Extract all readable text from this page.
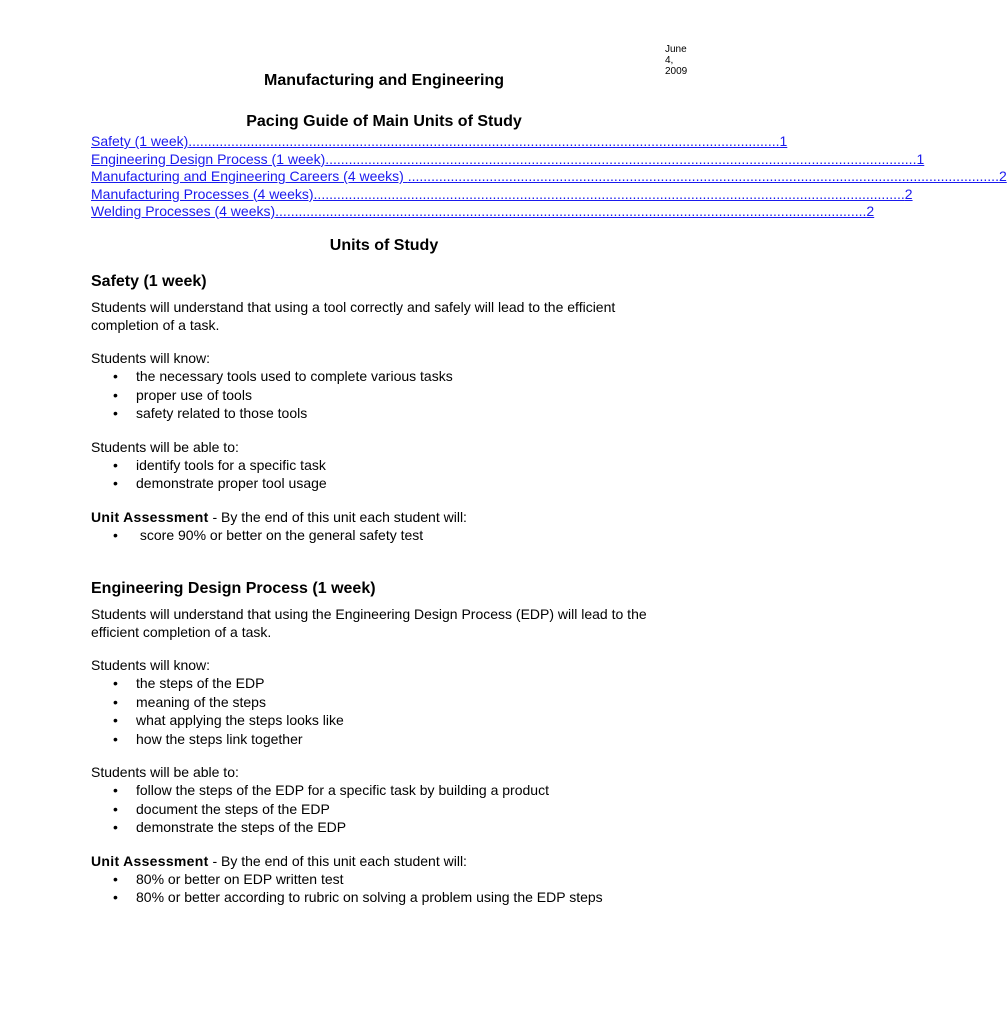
June 4, 2009
Manufacturing and Engineering
Pacing Guide of Main Units of Study
Safety (1 week) ........................................................................................................................................................ 1
Engineering Design Process (1 week) ........................................................................................................................................................ 1
Manufacturing and Engineering Careers (4 weeks) ........................................................................................................................................................ 2
Manufacturing Processes (4 weeks) ........................................................................................................................................................ 2
Welding Processes (4 weeks) ........................................................................................................................................................ 2
Units of Study
Safety (1 week)

Students will understand that using a tool correctly and safely will lead to the efficient completion of a task.

Students will know:

• the necessary tools used to complete various tasks
• proper use of tools
• safety related to those tools

Students will be able to:

• identify tools for a specific task
• demonstrate proper tool usage

Unit Assessment - By the end of this unit each student will:

• score 90% or better on the general safety test
Engineering Design Process (1 week)

Students will understand that using the Engineering Design Process (EDP) will lead to the efficient completion of a task.

Students will know:

• the steps of the EDP
• meaning of the steps
• what applying the steps looks like
• how the steps link together

Students will be able to:

• follow the steps of the EDP for a specific task by building a product
• document the steps of the EDP
• demonstrate the steps of the EDP

Unit Assessment - By the end of this unit each student will:

• 80% or better on EDP written test
• 80% or better according to rubric on solving a problem using the EDP steps
